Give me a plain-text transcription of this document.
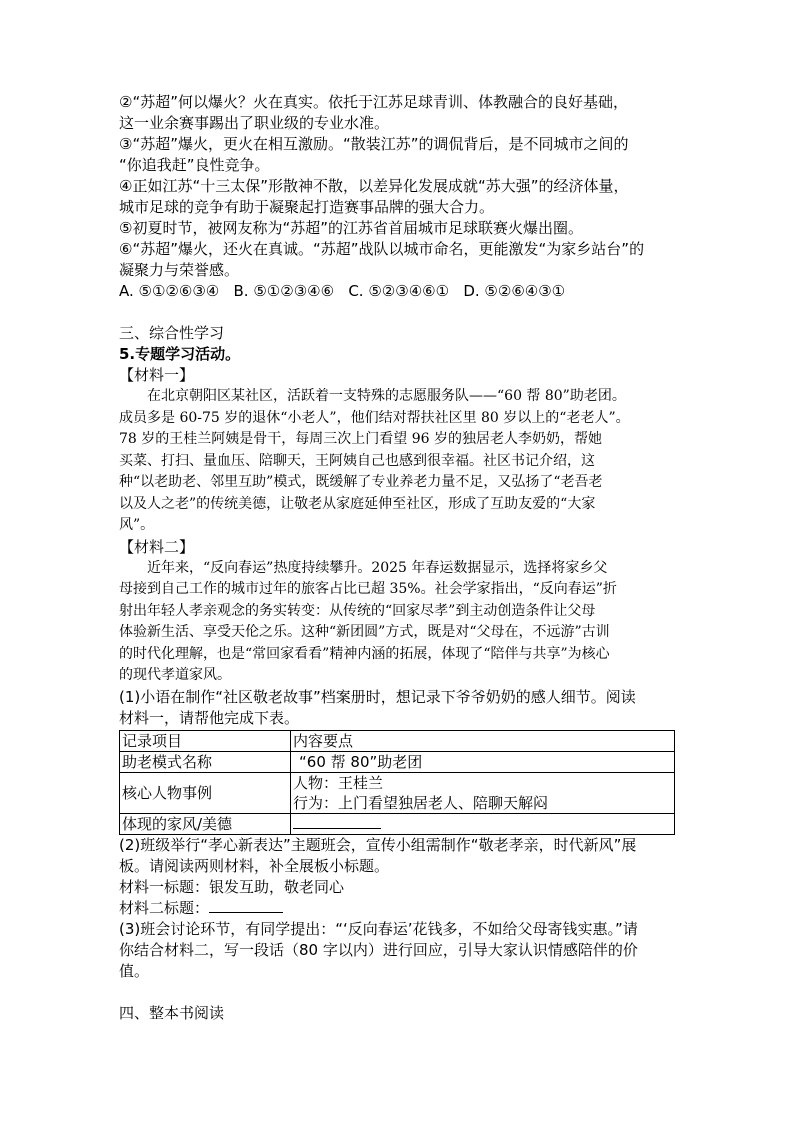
②“苏超”何以爆火？火在真实。依托于江苏足球青训、体教融合的良好基础，
这一业余赛事踢出了职业级的专业水准。
③“苏超”爆火，更火在相互激励。“散装江苏”的调侃背后，是不同城市之间的
“你追我赶”良性竞争。
④正如江苏“十三太保”形散神不散，以差异化发展成就“苏大强”的经济体量，
城市足球的竞争有助于凝聚起打造赛事品牌的强大合力。
⑤初夏时节，被网友称为“苏超”的江苏省首届城市足球联赛火爆出圈。
⑥“苏超”爆火，还火在真诚。“苏超”战队以城市命名，更能激发“为家乡站台”的
凝聚力与荣誉感。
A. ⑤①②⑥③④   B. ⑤①②③④⑥   C. ⑤②③④⑥①   D. ⑤②⑥④③①
三、综合性学习
5.专题学习活动。
【材料一】
在北京朝阳区某社区，活跃着一支特殊的志愿服务队——“60 帮 80”助老团。
成员多是 60-75 岁的退休“小老人”，他们结对帮扶社区里 80 岁以上的“老老人”。
78 岁的王桂兰阿姨是骨干，每周三次上门看望 96 岁的独居老人李奶奶，帮她
买菜、打扫、量血压、陪聊天，王阿姨自己也感到很幸福。社区书记介绍，这
种“以老助老、邻里互助”模式，既缓解了专业养老力量不足，又弘扬了“老吾老
以及人之老”的传统美德，让敬老从家庭延伸至社区，形成了互助友爱的“大家
风”。
【材料二】
近年来，“反向春运”热度持续攀升。2025 年春运数据显示，选择将家乡父
母接到自己工作的城市过年的旅客占比已超 35%。社会学家指出，“反向春运”折
射出年轻人孝亲观念的务实转变：从传统的“回家尽孝”到主动创造条件让父母
体验新生活、享受天伦之乐。这种“新团圆”方式，既是对“父母在，不远游”古训
的时代化理解，也是“常回家看看”精神内涵的拓展，体现了“陪伴与共享”为核心
的现代孝道家风。
(1)小语在制作“社区敬老故事”档案册时，想记录下爷爷奶奶的感人细节。阅读
材料一，请帮他完成下表。
记录项目	内容要点
助老模式名称	“60 帮 80”助老团
核心人物事例	人物：王桂兰
行为：上门看望独居老人、陪聊天解闷

体现的家风/美德	
(2)班级举行“孝心新表达”主题班会，宣传小组需制作“敬老孝亲，时代新风”展
板。请阅读两则材料，补全展板小标题。
材料一标题：银发互助，敬老同心
材料二标题：
(3)班会讨论环节，有同学提出：“‘反向春运’花钱多，不如给父母寄钱实惠。”请
你结合材料二，写一段话（80 字以内）进行回应，引导大家认识情感陪伴的价
值。
四、整本书阅读
